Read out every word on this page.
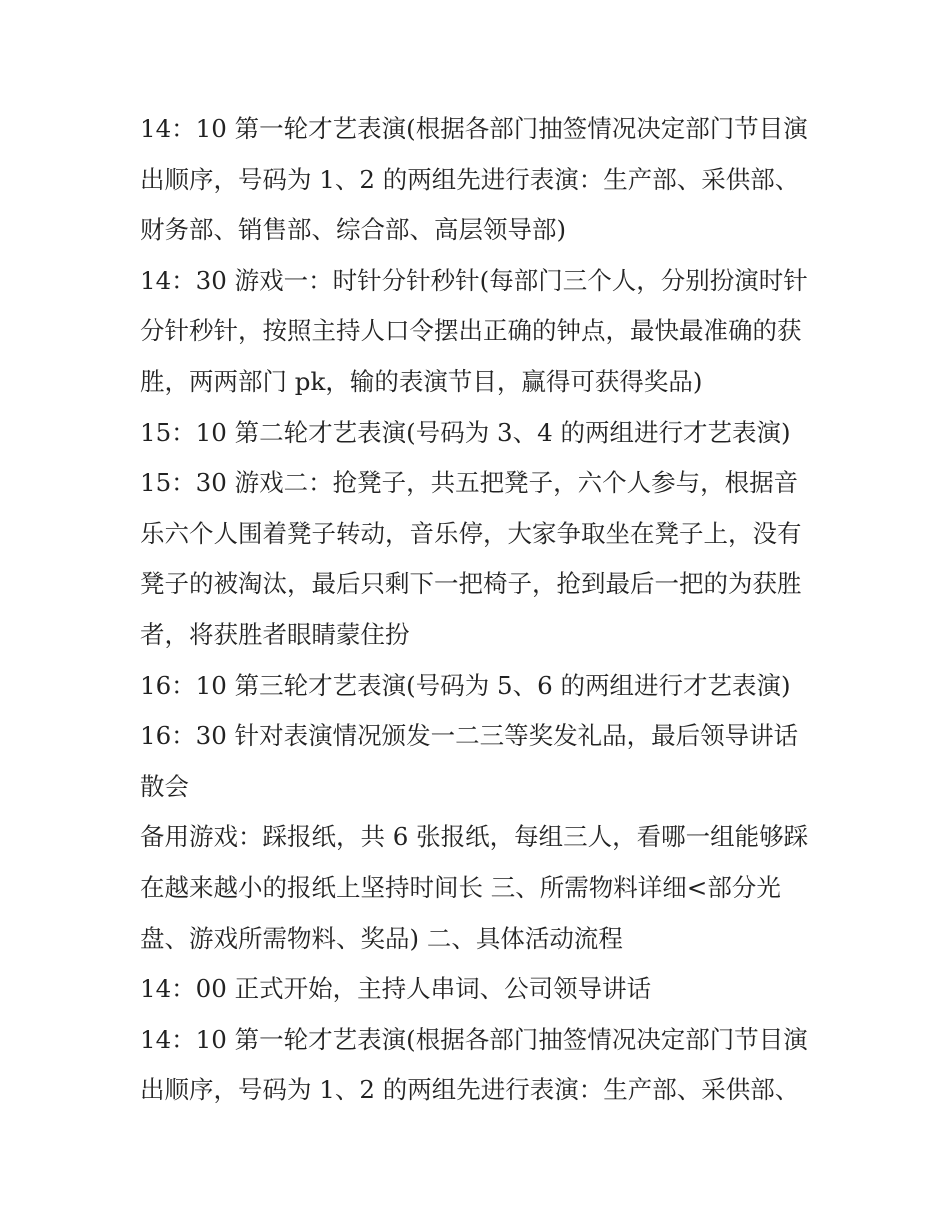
14：10 第一轮才艺表演(根据各部门抽签情况决定部门节目演
出顺序，号码为 1、2 的两组先进行表演：生产部、采供部、
财务部、销售部、综合部、高层领导部)
14：30 游戏一：时针分针秒针(每部门三个人，分别扮演时针
分针秒针，按照主持人口令摆出正确的钟点，最快最准确的获
胜，两两部门 pk，输的表演节目，赢得可获得奖品)
15：10 第二轮才艺表演(号码为 3、4 的两组进行才艺表演)
15：30 游戏二：抢凳子，共五把凳子，六个人参与，根据音
乐六个人围着凳子转动，音乐停，大家争取坐在凳子上，没有
凳子的被淘汰，最后只剩下一把椅子，抢到最后一把的为获胜
者，将获胜者眼睛蒙住扮
16：10 第三轮才艺表演(号码为 5、6 的两组进行才艺表演)
16：30 针对表演情况颁发一二三等奖发礼品，最后领导讲话
散会
备用游戏：踩报纸，共 6 张报纸，每组三人，看哪一组能够踩
在越来越小的报纸上坚持时间长 三、所需物料详细<部分光
盘、游戏所需物料、奖品) 二、具体活动流程
14：00 正式开始，主持人串词、公司领导讲话
14：10 第一轮才艺表演(根据各部门抽签情况决定部门节目演
出顺序，号码为 1、2 的两组先进行表演：生产部、采供部、
